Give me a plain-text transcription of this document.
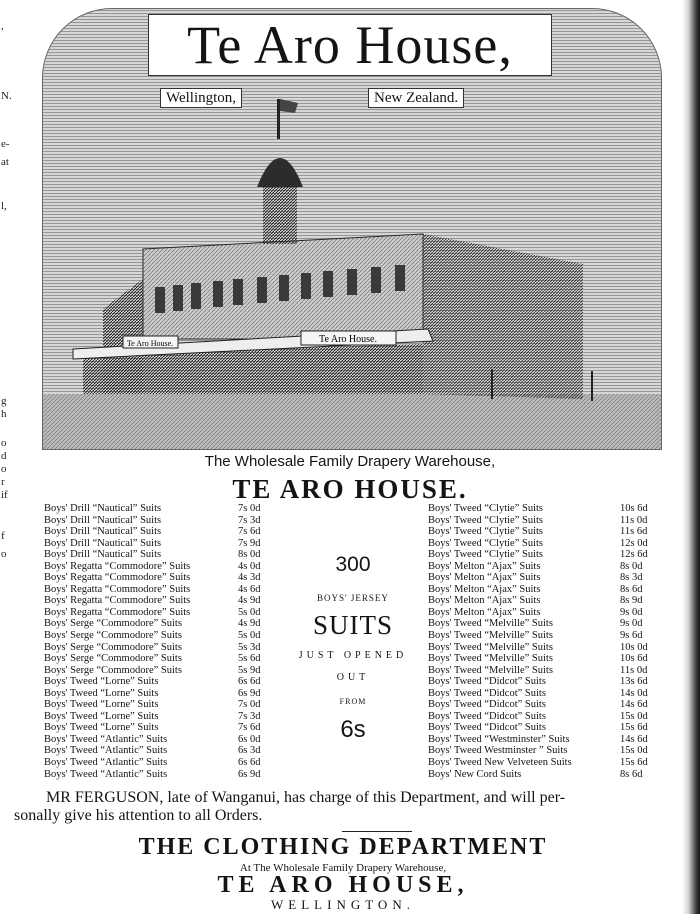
,
N.
e-
at
l,
g
h
o
d
o
r
if
f
o
Te Aro House.	Te Aro House.
Te Aro House,
Wellington,	New Zealand.
The Wholesale Family Drapery Warehouse,
TE ARO HOUSE.
Boys' Drill “Nautical” Suits	7s 0d
Boys' Drill “Nautical” Suits	7s 3d
Boys' Drill “Nautical” Suits	7s 6d
Boys' Drill “Nautical” Suits	7s 9d
Boys' Drill “Nautical” Suits	8s 0d
Boys' Regatta “Commodore” Suits	4s 0d
Boys' Regatta “Commodore” Suits	4s 3d
Boys' Regatta “Commodore” Suits	4s 6d
Boys' Regatta “Commodore” Suits	4s 9d
Boys' Regatta “Commodore” Suits	5s 0d
Boys' Serge “Commodore” Suits	4s 9d
Boys' Serge “Commodore” Suits	5s 0d
Boys' Serge “Commodore” Suits	5s 3d
Boys' Serge “Commodore” Suits	5s 6d
Boys' Serge “Commodore” Suits	5s 9d
Boys' Tweed “Lorne” Suits	6s 6d
Boys' Tweed “Lorne” Suits	6s 9d
Boys' Tweed “Lorne” Suits	7s 0d
Boys' Tweed “Lorne” Suits	7s 3d
Boys' Tweed “Lorne” Suits	7s 6d
Boys' Tweed “Atlantic” Suits	6s 0d
Boys' Tweed “Atlantic” Suits	6s 3d
Boys' Tweed “Atlantic” Suits	6s 6d
Boys' Tweed “Atlantic” Suits	6s 9d
Boys' Tweed “Clytie” Suits	10s 6d
Boys' Tweed “Clytie” Suits	11s 0d
Boys' Tweed “Clytie” Suits	11s 6d
Boys' Tweed “Clytie” Suits	12s 0d
Boys' Tweed “Clytie” Suits	12s 6d
Boys' Melton “Ajax” Suits	8s 0d
Boys' Melton “Ajax” Suits	8s 3d
Boys' Melton “Ajax” Suits	8s 6d
Boys' Melton “Ajax” Suits	8s 9d
Boys' Melton “Ajax” Suits	9s 0d
Boys' Tweed “Melville” Suits	9s 0d
Boys' Tweed “Melville” Suits	9s 6d
Boys' Tweed “Melville” Suits	10s 0d
Boys' Tweed “Melville” Suits	10s 6d
Boys' Tweed “Melville” Suits	11s 0d
Boys' Tweed “Didcot” Suits	13s 6d
Boys' Tweed “Didcot” Suits	14s 0d
Boys' Tweed “Didcot” Suits	14s 6d
Boys' Tweed “Didcot” Suits	15s 0d
Boys' Tweed “Didcot” Suits	15s 6d
Boys' Tweed “Westminster” Suits	14s 6d
Boys' Tweed Westminster ” Suits	15s 0d
Boys' Tweed New Velveteen Suits	15s 6d
Boys' New Cord Suits	8s 6d
300
BOYS' JERSEY
SUITS
JUST OPENED
OUT
FROM
6s
MR FERGUSON, late of Wanganui, has charge of this Department, and will per-
sonally give his attention to all Orders.
THE CLOTHING DEPARTMENT
At The Wholesale Family Drapery Warehouse,
TE ARO HOUSE,
WELLINGTON.
